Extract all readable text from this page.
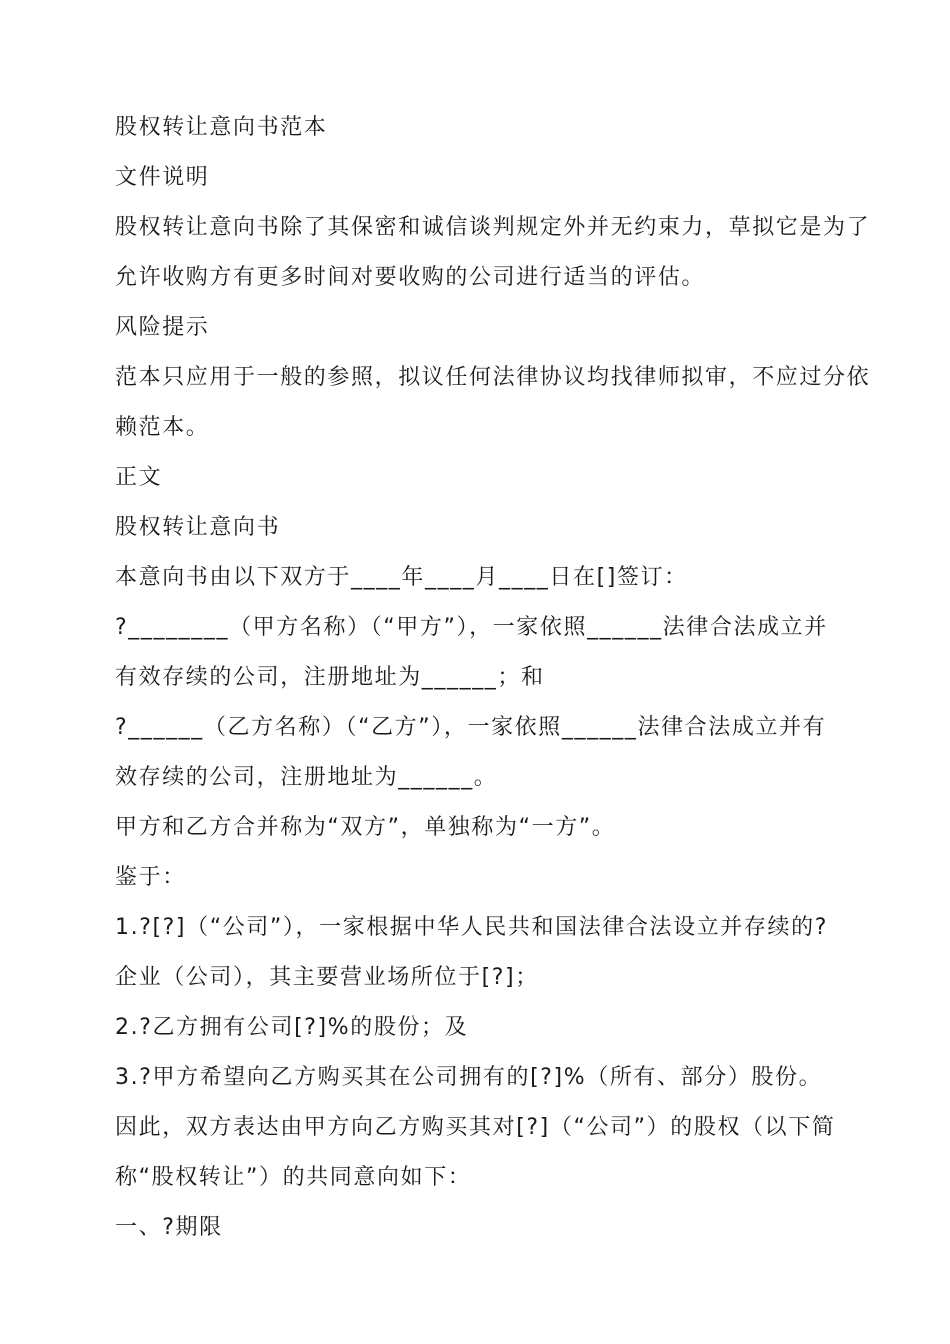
股权转让意向书范本
文件说明
股权转让意向书除了其保密和诚信谈判规定外并无约束力，草拟它是为了
允许收购方有更多时间对要收购的公司进行适当的评估。
风险提示
范本只应用于一般的参照，拟议任何法律协议均找律师拟审，不应过分依
赖范本。
正文
股权转让意向书
本意向书由以下双方于____年____月____日在[]签订：
?________（甲方名称）（“甲方”），一家依照______法律合法成立并
有效存续的公司，注册地址为______；和
?______（乙方名称）（“乙方”），一家依照______法律合法成立并有
效存续的公司，注册地址为______。
甲方和乙方合并称为“双方”，单独称为“一方”。
鉴于：
1.?[?]（“公司”），一家根据中华人民共和国法律合法设立并存续的?
企业（公司），其主要营业场所位于[?]；
2.?乙方拥有公司[?]%的股份；及
3.?甲方希望向乙方购买其在公司拥有的[?]%（所有、部分）股份。
因此，双方表达由甲方向乙方购买其对[?]（“公司”）的股权（以下简
称“股权转让”）的共同意向如下：
一、?期限
